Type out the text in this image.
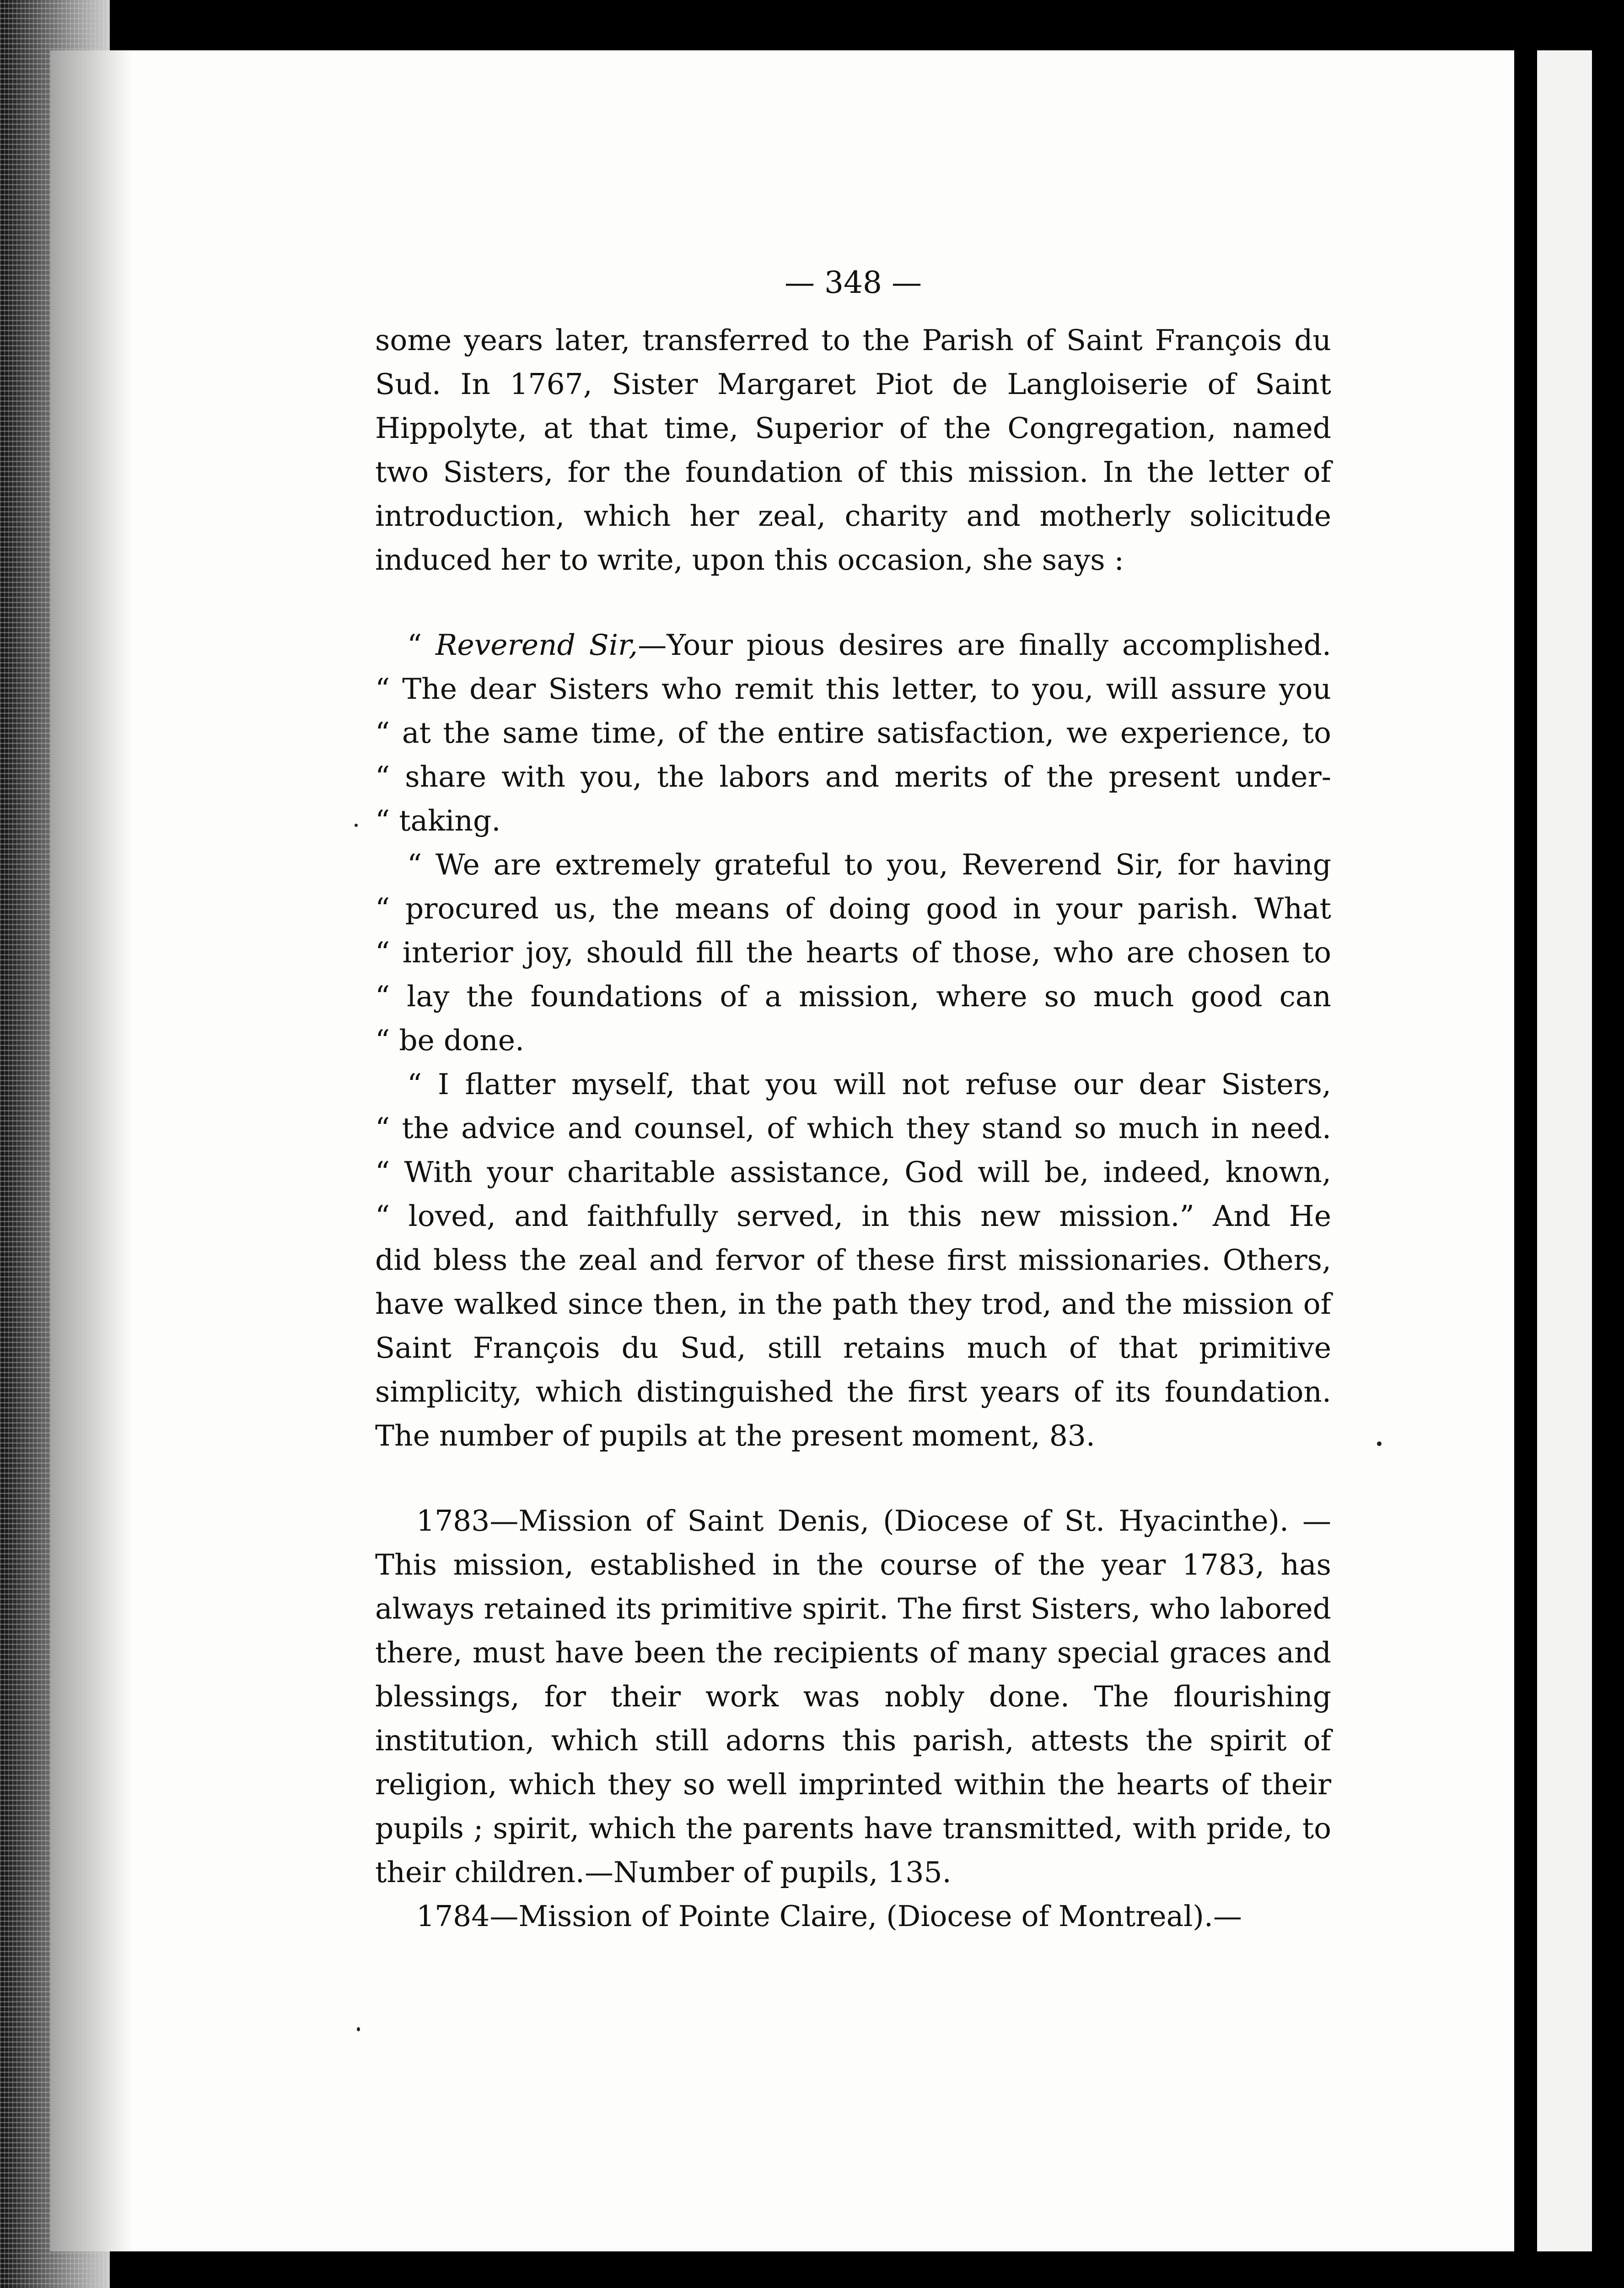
— 348 —

some years later, transferred to the Parish of Saint François du Sud. In 1767, Sister Margaret Piot de Langloiserie of Saint Hippolyte, at that time, Superior of the Congregation, named two Sisters, for the foundation of this mission. In the letter of introduction, which her zeal, charity and motherly solicitude induced her to write, upon this occasion, she says :

“ Reverend Sir,—Your pious desires are finally accomplished.
“ The dear Sisters who remit this letter, to you, will assure you
“ at the same time, of the entire satisfaction, we experience, to
“ share with you, the labors and merits of the present under-
“ taking.
“ We are extremely grateful to you, Reverend Sir, for having
“ procured us, the means of doing good in your parish. What
“ interior joy, should fill the hearts of those, who are chosen to
“ lay the foundations of a mission, where so much good can
“ be done.
“ I flatter myself, that you will not refuse our dear Sisters,
“ the advice and counsel, of which they stand so much in need.
“ With your charitable assistance, God will be, indeed, known,
“ loved, and faithfully served, in this new mission.” And He

did bless the zeal and fervor of these first missionaries. Others, have walked since then, in the path they trod, and the mission of Saint François du Sud, still retains much of that primitive simplicity, which distinguished the first years of its foundation. The number of pupils at the present moment, 83.

1783—Mission of Saint Denis, (Diocese of St. Hyacinthe). —This mission, established in the course of the year 1783, has always retained its primitive spirit. The first Sisters, who labored there, must have been the recipients of many special graces and blessings, for their work was nobly done. The flourishing institution, which still adorns this parish, attests the spirit of religion, which they so well imprinted within the hearts of their pupils ; spirit, which the parents have transmitted, with pride, to their children.—Number of pupils, 135.

1784—Mission of Pointe Claire, (Diocese of Montreal).—
